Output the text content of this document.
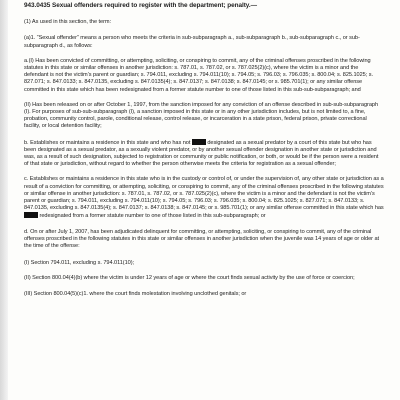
943.0435 Sexual offenders required to register with the department; penalty.—

(1) As used in this section, the term:

(a)1. “Sexual offender” means a person who meets the criteria in sub-subparagraph a., sub-subparagraph b., sub-subparagraph c., or sub-subparagraph d., as follows:

a.(I) Has been convicted of committing, or attempting, soliciting, or conspiring to commit, any of the criminal offenses proscribed in the following statutes in this state or similar offenses in another jurisdiction: s. 787.01, s. 787.02, or s. 787.025(2)(c), where the victim is a minor and the defendant is not the victim’s parent or guardian; s. 794.011, excluding s. 794.011(10); s. 794.05; s. 796.03; s. 796.035; s. 800.04; s. 825.1025; s. 827.071; s. 847.0133; s. 847.0135, excluding s. 847.0135(4); s. 847.0137; s. 847.0138; s. 847.0145; or s. 985.701(1); or any similar offense committed in this state which has been redesignated from a former statute number to one of those listed in this sub-sub-subparagraph; and

(II) Has been released on or after October 1, 1997, from the sanction imposed for any conviction of an offense described in sub-sub-subparagraph (I). For purposes of sub-sub-subparagraph (I), a sanction imposed in this state or in any other jurisdiction includes, but is not limited to, a fine, probation, community control, parole, conditional release, control release, or incarceration in a state prison, federal prison, private correctional facility, or local detention facility;

b. Establishes or maintains a residence in this state and who has not	designated as a sexual predator by a court of this state but who has been designated as a sexual predator, as a sexually violent predator, or by another sexual offender designation in another state or jurisdiction and was, as a result of such designation, subjected to registration or community or public notification, or both, or would be if the person were a resident of that state or jurisdiction, without regard to whether the person otherwise meets the criteria for registration as a sexual offender;

c. Establishes or maintains a residence in this state who is in the custody or control of, or under the supervision of, any other state or jurisdiction as a result of a conviction for committing, or attempting, soliciting, or conspiring to commit, any of the criminal offenses proscribed in the following statutes or similar offense in another jurisdiction: s. 787.01, s. 787.02, or s. 787.025(2)(c), where the victim is a minor and the defendant is not the victim’s parent or guardian; s. 794.011, excluding s. 794.011(10); s. 794.05; s. 796.03; s. 796.035; s. 800.04; s. 825.1025; s. 827.071; s. 847.0133; s. 847.0135, excluding s. 847.0135(4); s. 847.0137; s. 847.0138; s. 847.0145; or s. 985.701(1); or any similar offense committed in this state which has  redesignated from a former statute number to one of those listed in this sub-subparagraph; or

d. On or after July 1, 2007, has been adjudicated delinquent for committing, or attempting, soliciting, or conspiring to commit, any of the criminal offenses proscribed in the following statutes in this state or similar offenses in another jurisdiction when the juvenile was 14 years of age or older at the time of the offense:

(I) Section 794.011, excluding s. 794.011(10);

(II) Section 800.04(4)(b) where the victim is under 12 years of age or where the court finds sexual activity by the use of force or coercion;

(III) Section 800.04(5)(c)1. where the court finds molestation involving unclothed genitals; or
